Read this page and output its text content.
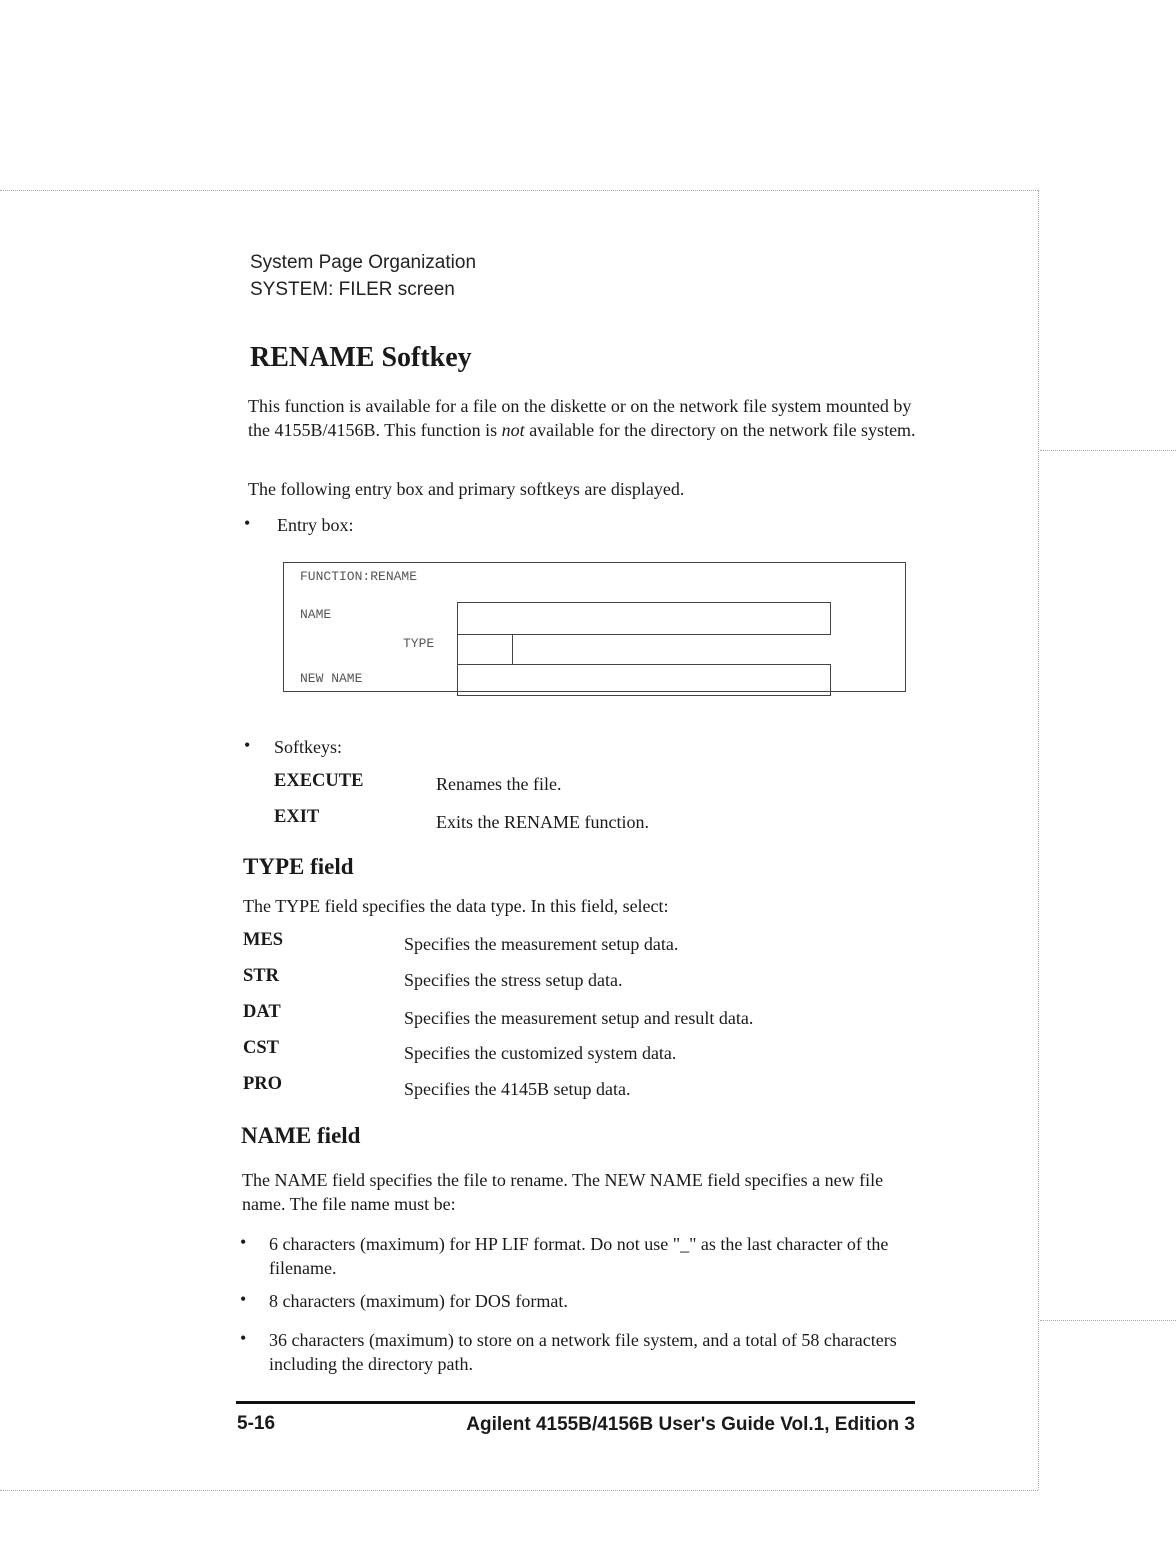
System Page Organization
SYSTEM: FILER screen
RENAME Softkey
This function is available for a file on the diskette or on the network file system mounted by the 4155B/4156B. This function is not available for the directory on the network file system.
The following entry box and primary softkeys are displayed.
• Entry box:
FUNCTION:RENAME
NAME
TYPE
NEW NAME
• Softkeys:
EXECUTE	Renames the file.
EXIT	Exits the RENAME function.
TYPE field
The TYPE field specifies the data type. In this field, select:
MES	Specifies the measurement setup data.
STR	Specifies the stress setup data.
DAT	Specifies the measurement setup and result data.
CST	Specifies the customized system data.
PRO	Specifies the 4145B setup data.
NAME field
The NAME field specifies the file to rename. The NEW NAME field specifies a new file name. The file name must be:
• 6 characters (maximum) for HP LIF format. Do not use "_" as the last character of the filename.
• 8 characters (maximum) for DOS format.
• 36 characters (maximum) to store on a network file system, and a total of 58 characters including the directory path.
5-16	Agilent 4155B/4156B User's Guide Vol.1, Edition 3
